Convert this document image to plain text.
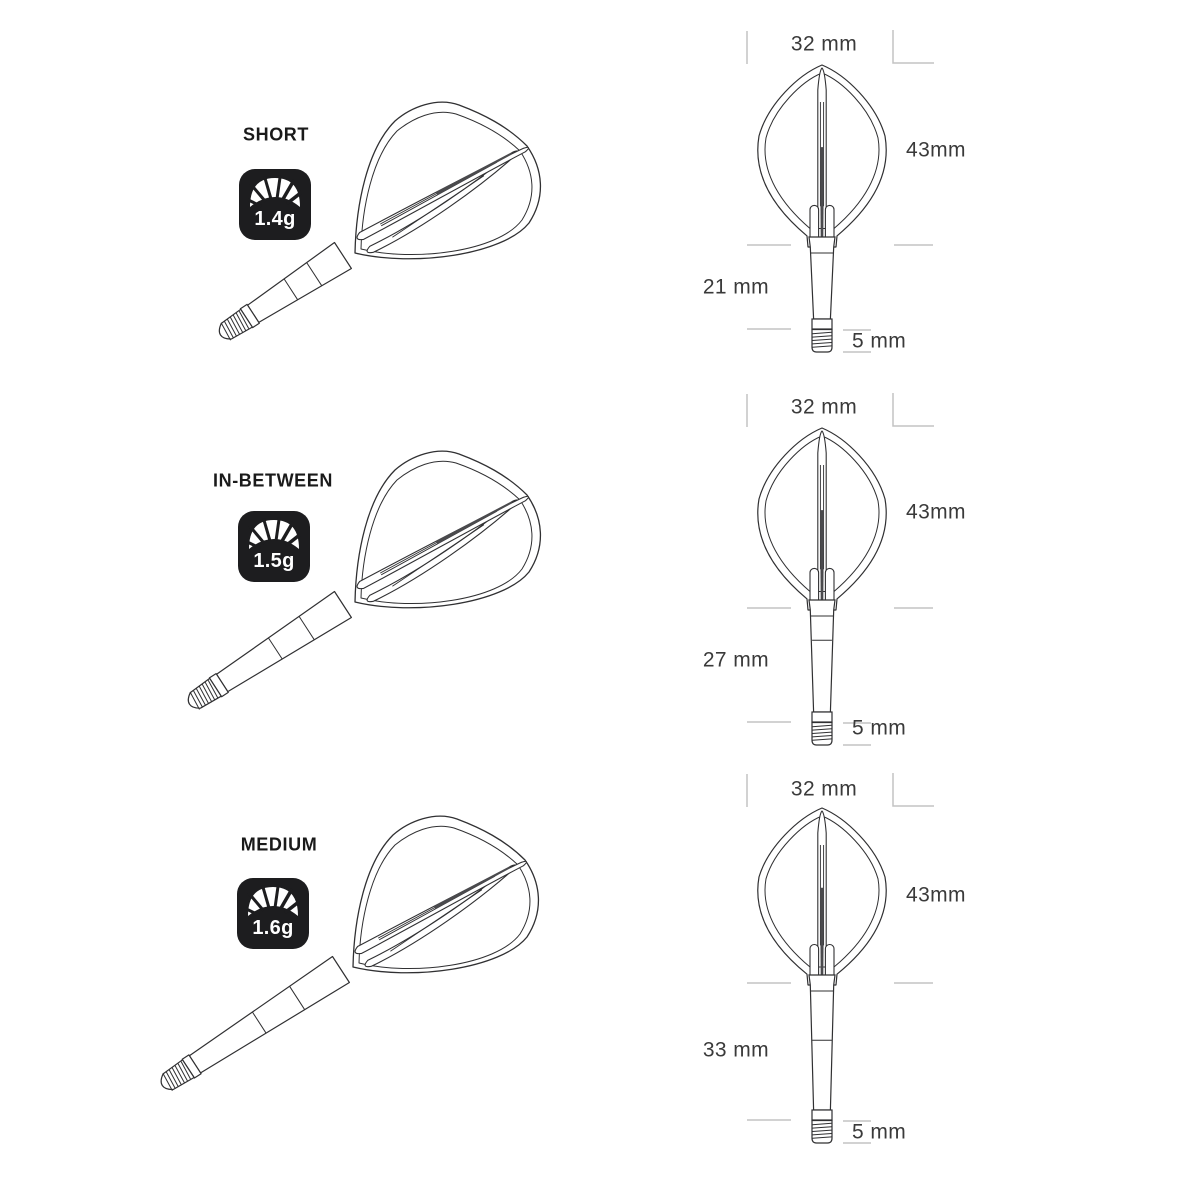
SHORT
1.4g
32 mm
43mm
21 mm
5 mm
IN-BETWEEN
1.5g
32 mm
43mm
27 mm
5 mm
MEDIUM
1.6g
32 mm
43mm
33 mm
5 mm
